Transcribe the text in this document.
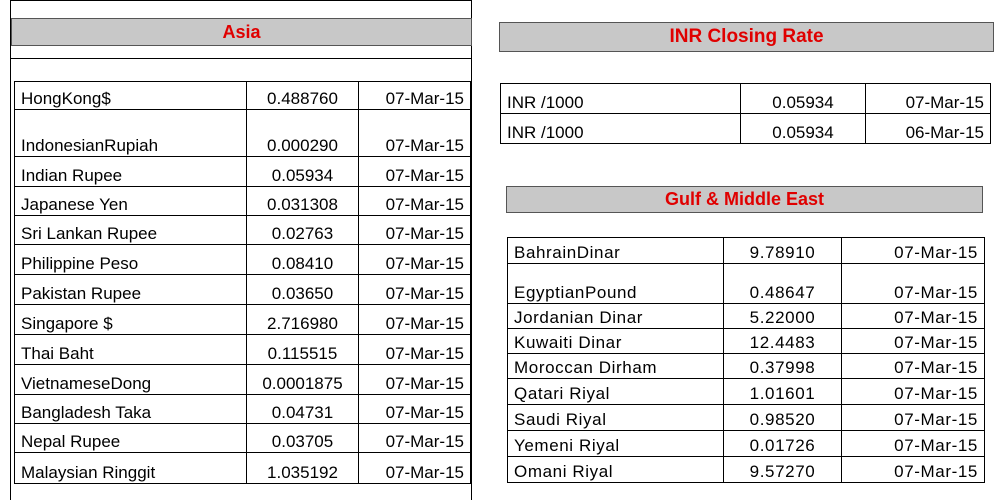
Asia
HongKong$	0.488760	07-Mar-15
IndonesianRupiah	0.000290	07-Mar-15
Indian Rupee	0.05934	07-Mar-15
Japanese Yen	0.031308	07-Mar-15
Sri Lankan Rupee	0.02763	07-Mar-15
Philippine Peso	0.08410	07-Mar-15
Pakistan Rupee	0.03650	07-Mar-15
Singapore $	2.716980	07-Mar-15
Thai Baht	0.115515	07-Mar-15
VietnameseDong	0.0001875	07-Mar-15
Bangladesh Taka	0.04731	07-Mar-15
Nepal Rupee	0.03705	07-Mar-15
Malaysian Ringgit	1.035192	07-Mar-15
INR Closing Rate
INR /1000	0.05934	07-Mar-15
INR /1000	0.05934	06-Mar-15
Gulf & Middle East
BahrainDinar	9.78910	07-Mar-15
EgyptianPound	0.48647	07-Mar-15
Jordanian Dinar	5.22000	07-Mar-15
Kuwaiti Dinar	12.4483	07-Mar-15
Moroccan Dirham	0.37998	07-Mar-15
Qatari Riyal	1.01601	07-Mar-15
Saudi Riyal	0.98520	07-Mar-15
Yemeni Riyal	0.01726	07-Mar-15
Omani Riyal	9.57270	07-Mar-15
